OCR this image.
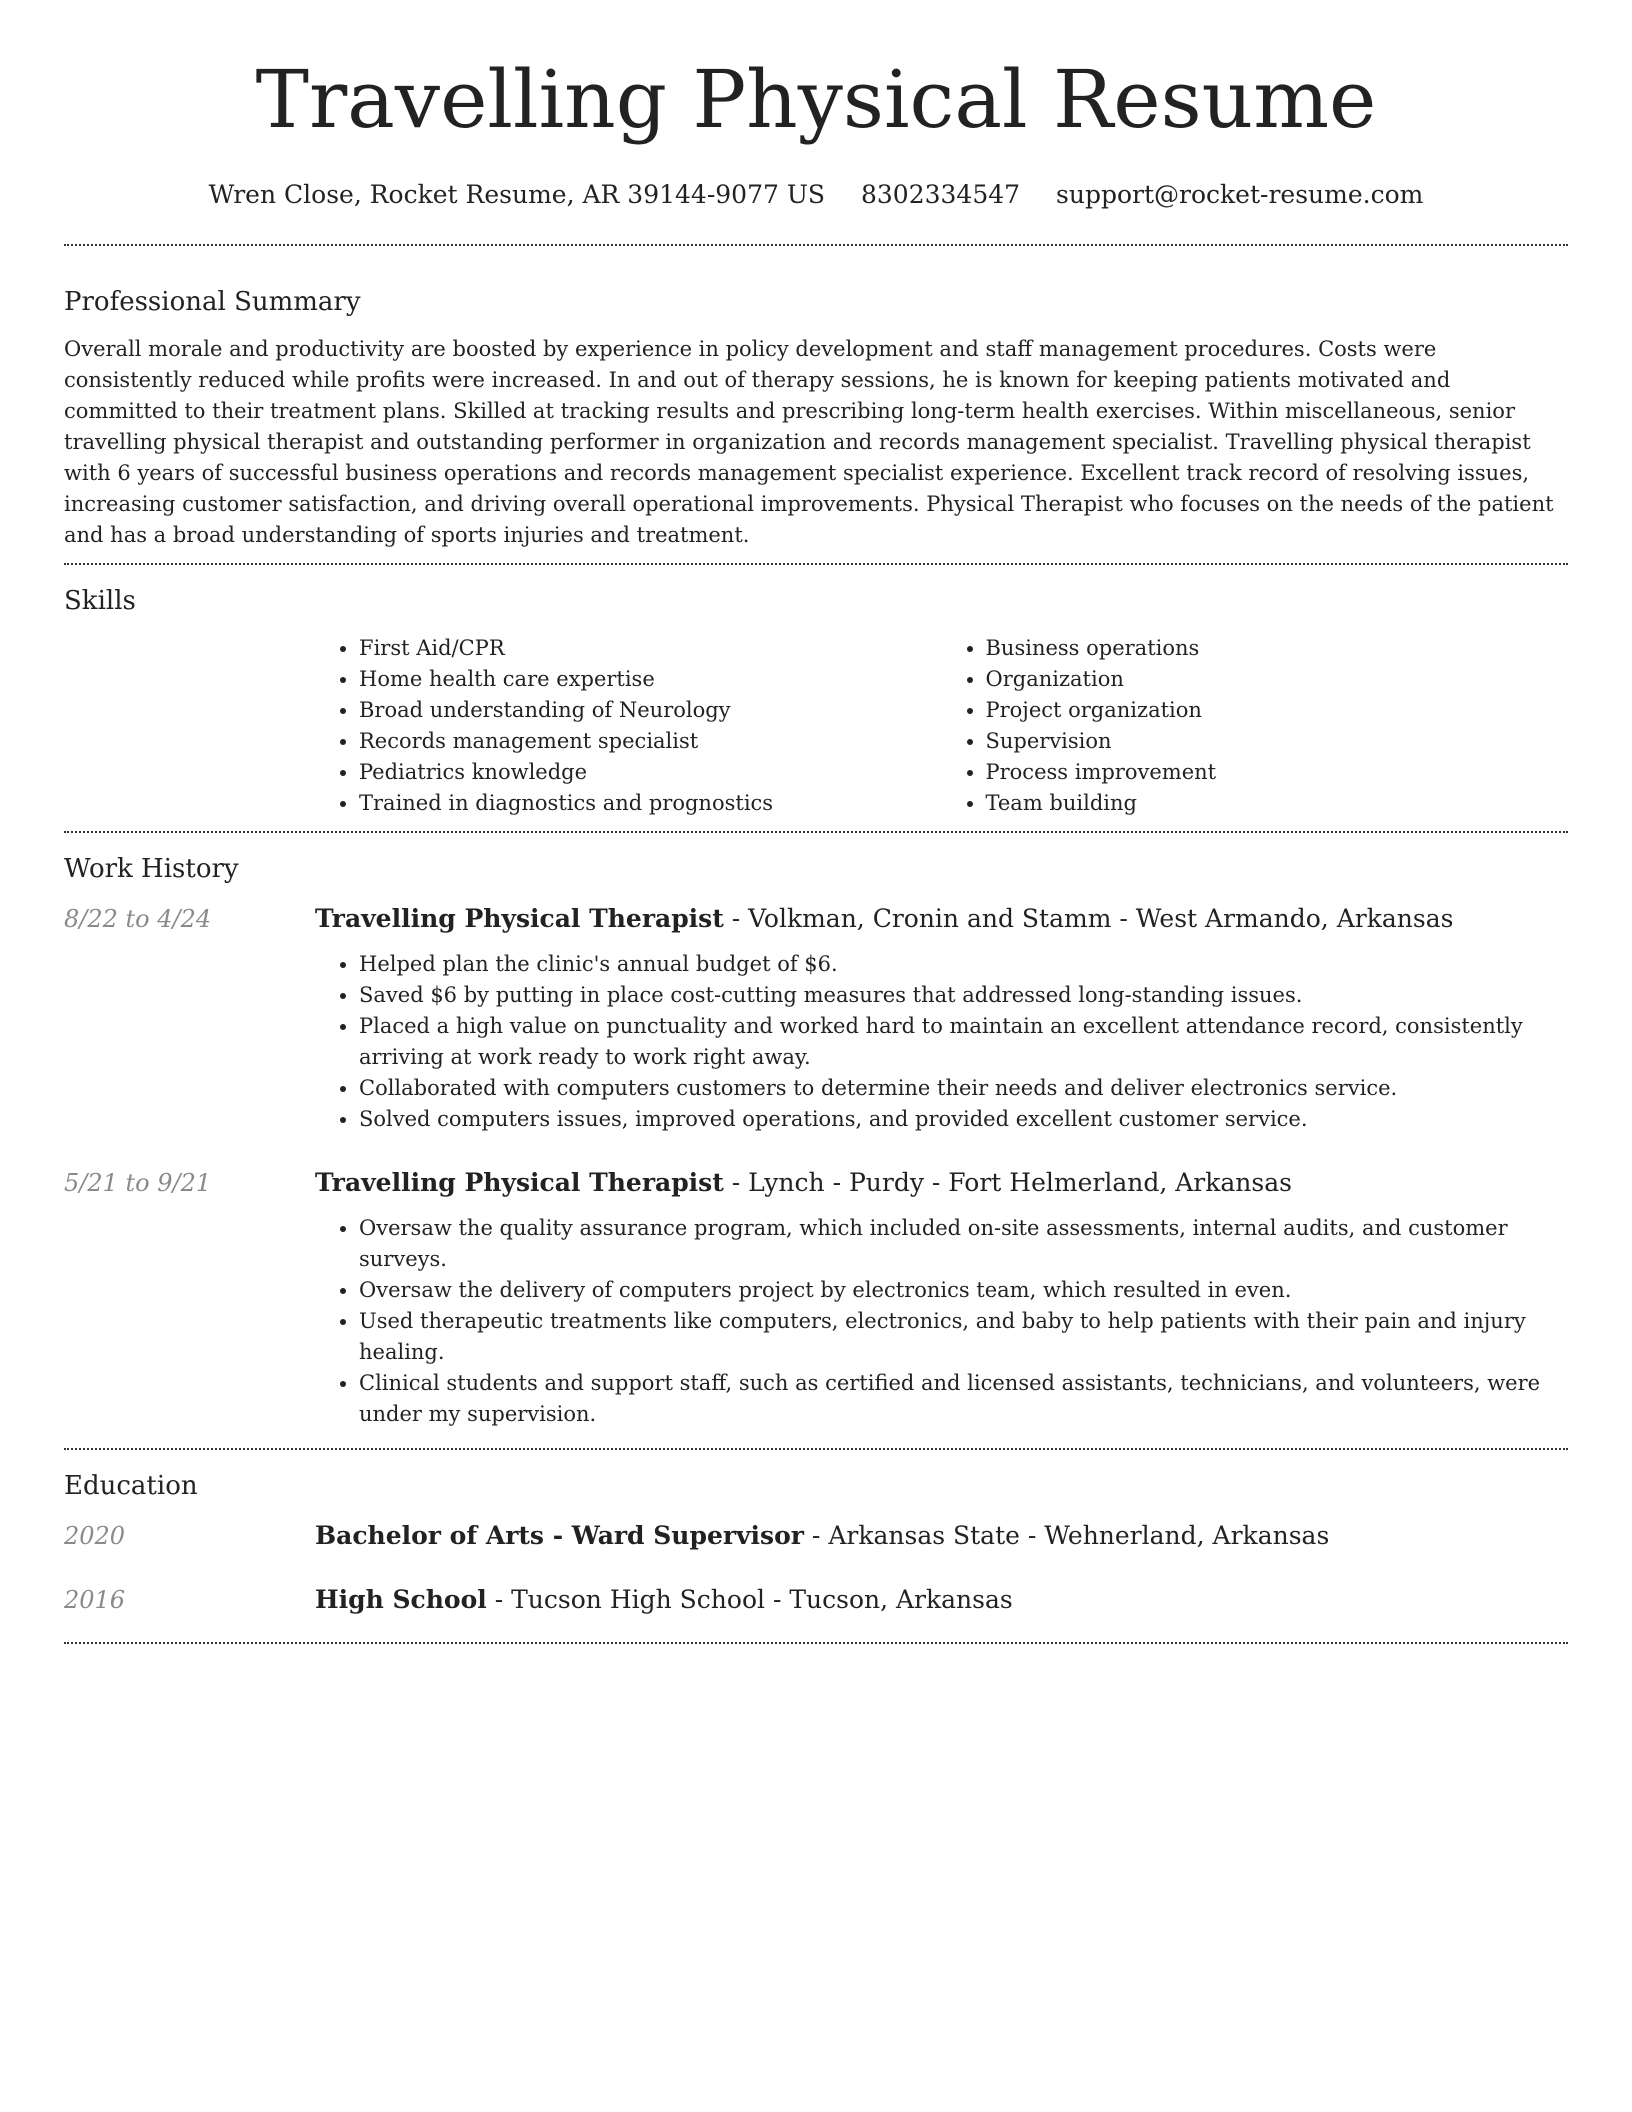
Travelling Physical Resume
Wren Close, Rocket Resume, AR 39144-9077 US 8302334547 support@rocket-resume.com
Professional Summary

Overall morale and productivity are boosted by experience in policy development and staff management procedures. Costs were consistently reduced while profits were increased. In and out of therapy sessions, he is known for keeping patients motivated and committed to their treatment plans. Skilled at tracking results and prescribing long-term health exercises. Within miscellaneous, senior travelling physical therapist and outstanding performer in organization and records management specialist. Travelling physical therapist with 6 years of successful business operations and records management specialist experience. Excellent track record of resolving issues, increasing customer satisfaction, and driving overall operational improvements. Physical Therapist who focuses on the needs of the patient and has a broad understanding of sports injuries and treatment.

Skills
• First Aid/CPR
• Home health care expertise
• Broad understanding of Neurology
• Records management specialist
• Pediatrics knowledge
• Trained in diagnostics and prognostics
• Business operations
• Organization
• Project organization
• Supervision
• Process improvement
• Team building
Work History
8/22 to 4/24	Travelling Physical Therapist - Volkman, Cronin and Stamm - West Armando, Arkansas
• Helped plan the clinic's annual budget of $6.
• Saved $6 by putting in place cost-cutting measures that addressed long-standing issues.
• Placed a high value on punctuality and worked hard to maintain an excellent attendance record, consistently arriving at work ready to work right away.
• Collaborated with computers customers to determine their needs and deliver electronics service.
• Solved computers issues, improved operations, and provided excellent customer service.
5/21 to 9/21	Travelling Physical Therapist - Lynch - Purdy - Fort Helmerland, Arkansas
• Oversaw the quality assurance program, which included on-site assessments, internal audits, and customer surveys.
• Oversaw the delivery of computers project by electronics team, which resulted in even.
• Used therapeutic treatments like computers, electronics, and baby to help patients with their pain and injury healing.
• Clinical students and support staff, such as certified and licensed assistants, technicians, and volunteers, were under my supervision.
Education
2020	Bachelor of Arts - Ward Supervisor - Arkansas State - Wehnerland, Arkansas
2016	High School - Tucson High School - Tucson, Arkansas
